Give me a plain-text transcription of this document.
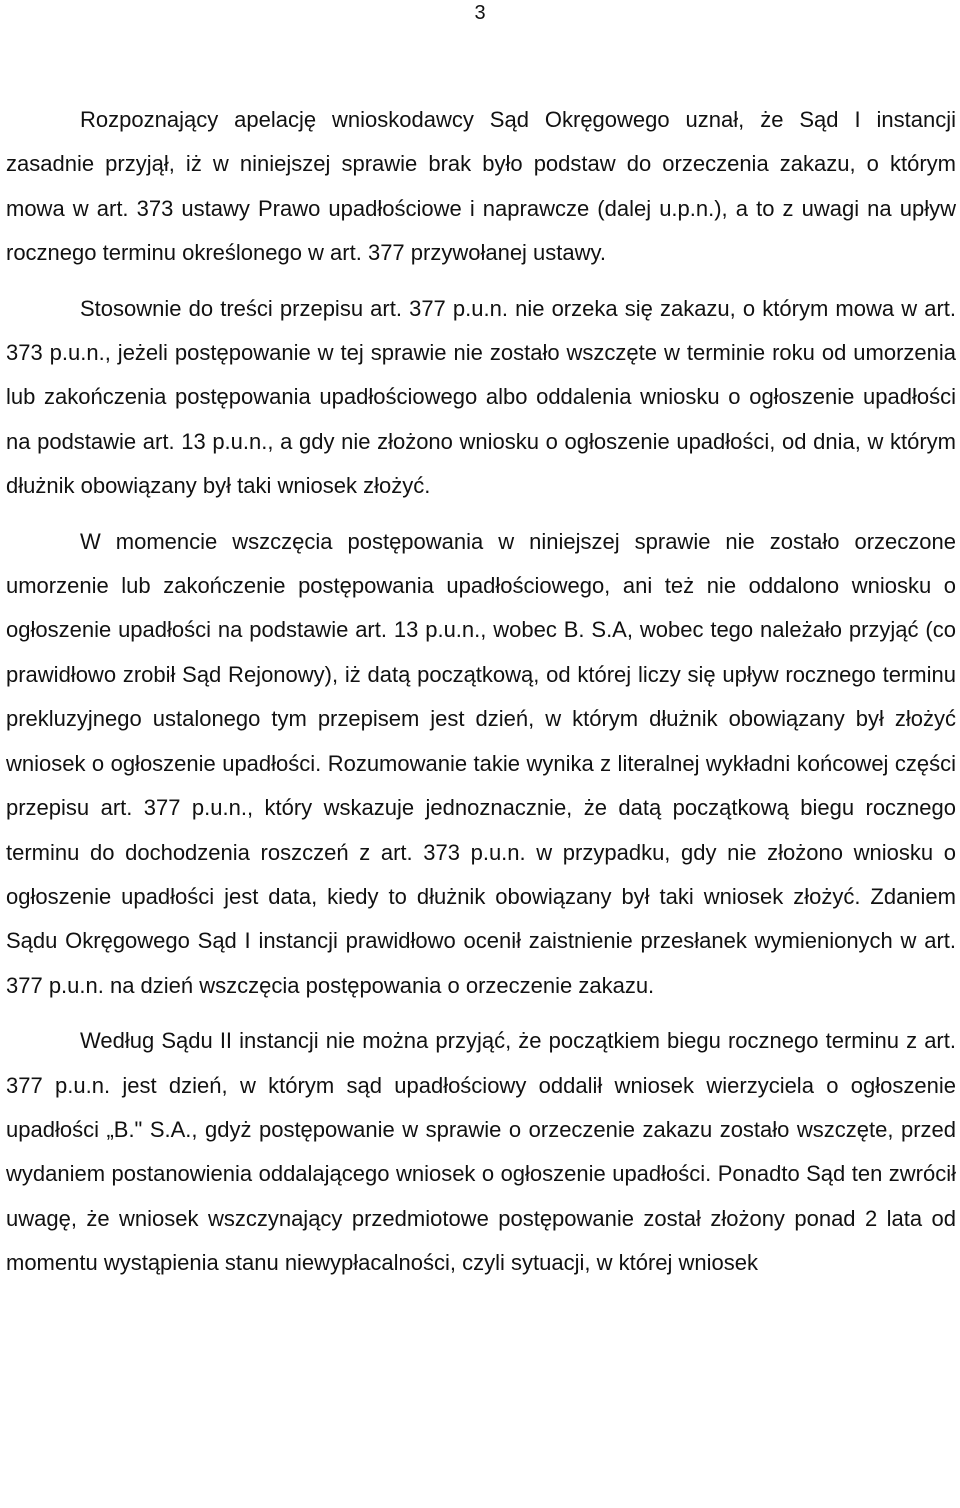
3

Rozpoznający apelację wnioskodawcy Sąd Okręgowego uznał, że Sąd I instancji zasadnie przyjął, iż w niniejszej sprawie brak było podstaw do orzeczenia zakazu, o którym mowa w art. 373 ustawy Prawo upadłościowe i naprawcze (dalej u.p.n.), a to z uwagi na upływ rocznego terminu określonego w art. 377 przywołanej ustawy.

Stosownie do treści przepisu art. 377 p.u.n. nie orzeka się zakazu, o którym mowa w art. 373 p.u.n., jeżeli postępowanie w tej sprawie nie zostało wszczęte w terminie roku od umorzenia lub zakończenia postępowania upadłościowego albo oddalenia wniosku o ogłoszenie upadłości na podstawie art. 13 p.u.n., a gdy nie złożono wniosku o ogłoszenie upadłości, od dnia, w którym dłużnik obowiązany był taki wniosek złożyć.

W momencie wszczęcia postępowania w niniejszej sprawie nie zostało orzeczone umorzenie lub zakończenie postępowania upadłościowego, ani też nie oddalono wniosku o ogłoszenie upadłości na podstawie art. 13 p.u.n., wobec B. S.A, wobec tego należało przyjąć (co prawidłowo zrobił Sąd Rejonowy), iż datą początkową, od której liczy się upływ rocznego terminu prekluzyjnego ustalonego tym przepisem jest dzień, w którym dłużnik obowiązany był złożyć wniosek o ogłoszenie upadłości. Rozumowanie takie wynika z literalnej wykładni końcowej części przepisu art. 377 p.u.n., który wskazuje jednoznacznie, że datą początkową biegu rocznego terminu do dochodzenia roszczeń z art. 373 p.u.n. w przypadku, gdy nie złożono wniosku o ogłoszenie upadłości jest data, kiedy to dłużnik obowiązany był taki wniosek złożyć. Zdaniem Sądu Okręgowego Sąd I instancji prawidłowo ocenił zaistnienie przesłanek wymienionych w art. 377 p.u.n. na dzień wszczęcia postępowania o orzeczenie zakazu.

Według Sądu II instancji nie można przyjąć, że początkiem biegu rocznego terminu z art. 377 p.u.n. jest dzień, w którym sąd upadłościowy oddalił wniosek wierzyciela o ogłoszenie upadłości „B." S.A., gdyż postępowanie w sprawie o orzeczenie zakazu zostało wszczęte, przed wydaniem postanowienia oddalającego wniosek o ogłoszenie upadłości. Ponadto Sąd ten zwrócił uwagę, że wniosek wszczynający przedmiotowe postępowanie został złożony ponad 2 lata od momentu wystąpienia stanu niewypłacalności, czyli sytuacji, w której wniosek
